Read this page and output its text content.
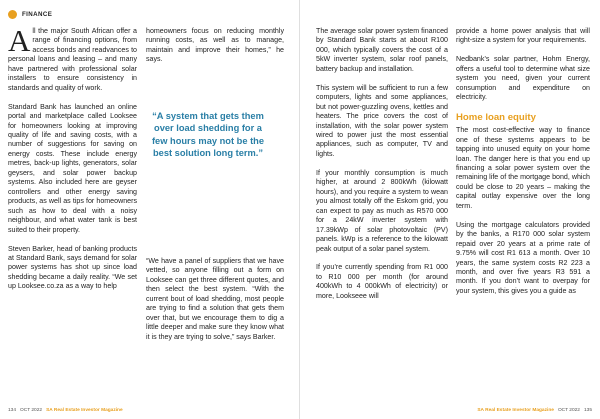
FINANCE

All the major South African offer a range of financing options, from access bonds and readvances to personal loans and leasing – and many have partnered with professional solar installers to ensure consistency in standards and quality of work.

Standard Bank has launched an online portal and marketplace called Looksee for homeowners looking at improving quality of life and saving costs, with a number of suggestions for saving on energy costs. These include energy metres, back-up lights, generators, solar geysers, and solar power backup systems. Also included here are geyser controllers and other energy saving products, as well as tips for homeowners such as how to deal with a noisy neighbour, and what water tank is best suited to their property.

Steven Barker, head of banking products at Standard Bank, says demand for solar power systems has shot up since load shedding became a daily reality. “We set up Looksee.co.za as a way to help

homeowners focus on reducing monthly running costs, as well as to manage, maintain and improve their homes,” he says.

“A system that gets them over load shedding for a few hours may not be the best solution long term.”

“We have a panel of suppliers that we have vetted, so anyone filling out a form on Looksee can get three different quotes, and then select the best system. “With the current bout of load shedding, most people are trying to find a solution that gets them over that, but we encourage them to dig a little deeper and make sure they know what it is they are trying to solve,” says Barker.

134 OCT 2022 SA Real Estate Investor Magazine

The average solar power system financed by Standard Bank starts at about R100 000, which typically covers the cost of a 5kW inverter system, solar roof panels, battery backup and installation.

This system will be sufficient to run a few computers, lights and some appliances, but not power-guzzling ovens, kettles and heaters. The price covers the cost of installation, with the solar power system wired to power just the most essential appliances, such as computer, TV and lights.

If your monthly consumption is much higher, at around 2 800kWh (kilowatt hours), and you require a system to wean you almost totally off the Eskom grid, you can expect to pay as much as R570 000 for a 24kW inverter system with 17.39kWp of solar photovoltaic (PV) panels. kWp is a reference to the kilowatt peak output of a solar panel system.

If you’re currently spending from R1 000 to R10 000 per month (for around 400kWh to 4 000kWh of electricity) or more, Lookseee will

provide a home power analysis that will right-size a system for your requirements.

Nedbank’s solar partner, Hohm Energy, offers a useful tool to determine what size system you need, given your current consumption and expenditure on electricity.

Home loan equity

The most cost-effective way to finance one of these systems appears to be tapping into unused equity on your home loan. The danger here is that you end up financing a solar power system over the remaining life of the mortgage bond, which could be close to 20 years – making the capital outlay expensive over the long term.

Using the mortgage calculators provided by the banks, a R170 000 solar system repaid over 20 years at a prime rate of 9.75% will cost R1 613 a month. Over 10 years, the same system costs R2 223 a month, and over five years R3 591 a month. If you don’t want to overpay for your system, this gives you a guide as

SA Real Estate Investor Magazine OCT 2022 135
